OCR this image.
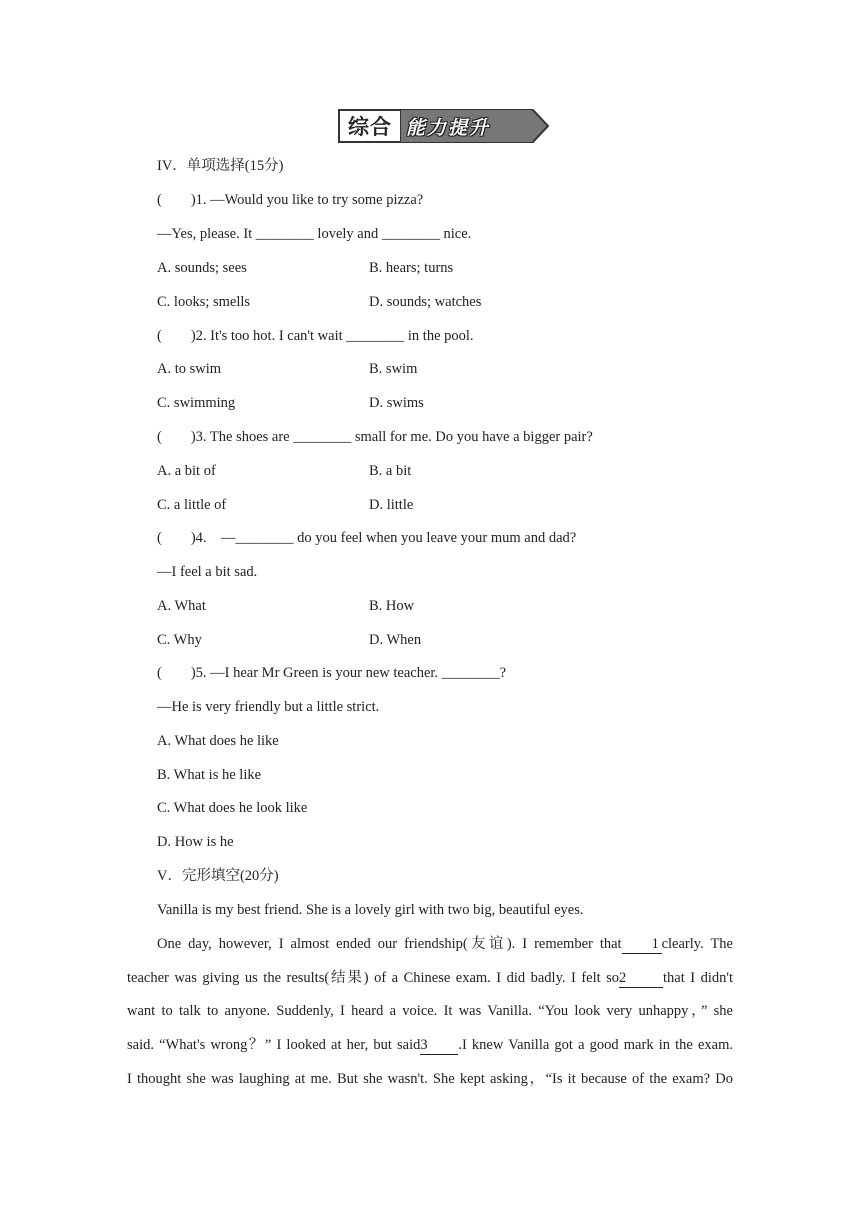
综合 能力提升
IV．单项选择(15分)
(　　)1. —Would you like to try some pizza?
—Yes, please. It ________ lovely and ________ nice.
A. sounds; sees	B. hears; turns
C. looks; smells	D. sounds; watches
(　　)2. It's too hot. I can't wait ________ in the pool.
A. to swim	B. swim
C. swimming	D. swims
(　　)3. The shoes are ________ small for me. Do you have a bigger pair?
A. a bit of	B. a bit
C. a little of	D. little
(　　)4.　—________ do you feel when you leave your mum and dad?
—I feel a bit sad.
A. What	B. How
C. Why	D. When
(　　)5. —I hear Mr Green is your new teacher. ________?
—He is very friendly but a little strict.
A. What does he like
B. What is he like
C. What does he look like
D. How is he
V．完形填空(20分)
Vanilla is my best friend. She is a lovely girl with two big, beautiful eyes.
One day, however, I almost ended our friendship(友谊). I remember that 1 clearly. The
teacher was giving us the results(结果) of a Chinese exam. I did badly. I felt so2	that I didn't
want to talk to anyone. Suddenly, I heard a voice. It was Vanilla. “You look very unhappy，” she
said. “What's wrong？” I looked at her, but said3 .I knew Vanilla got a good mark in the exam.
I thought she was laughing at me. But she wasn't. She kept asking，“Is it because of the exam? Do
